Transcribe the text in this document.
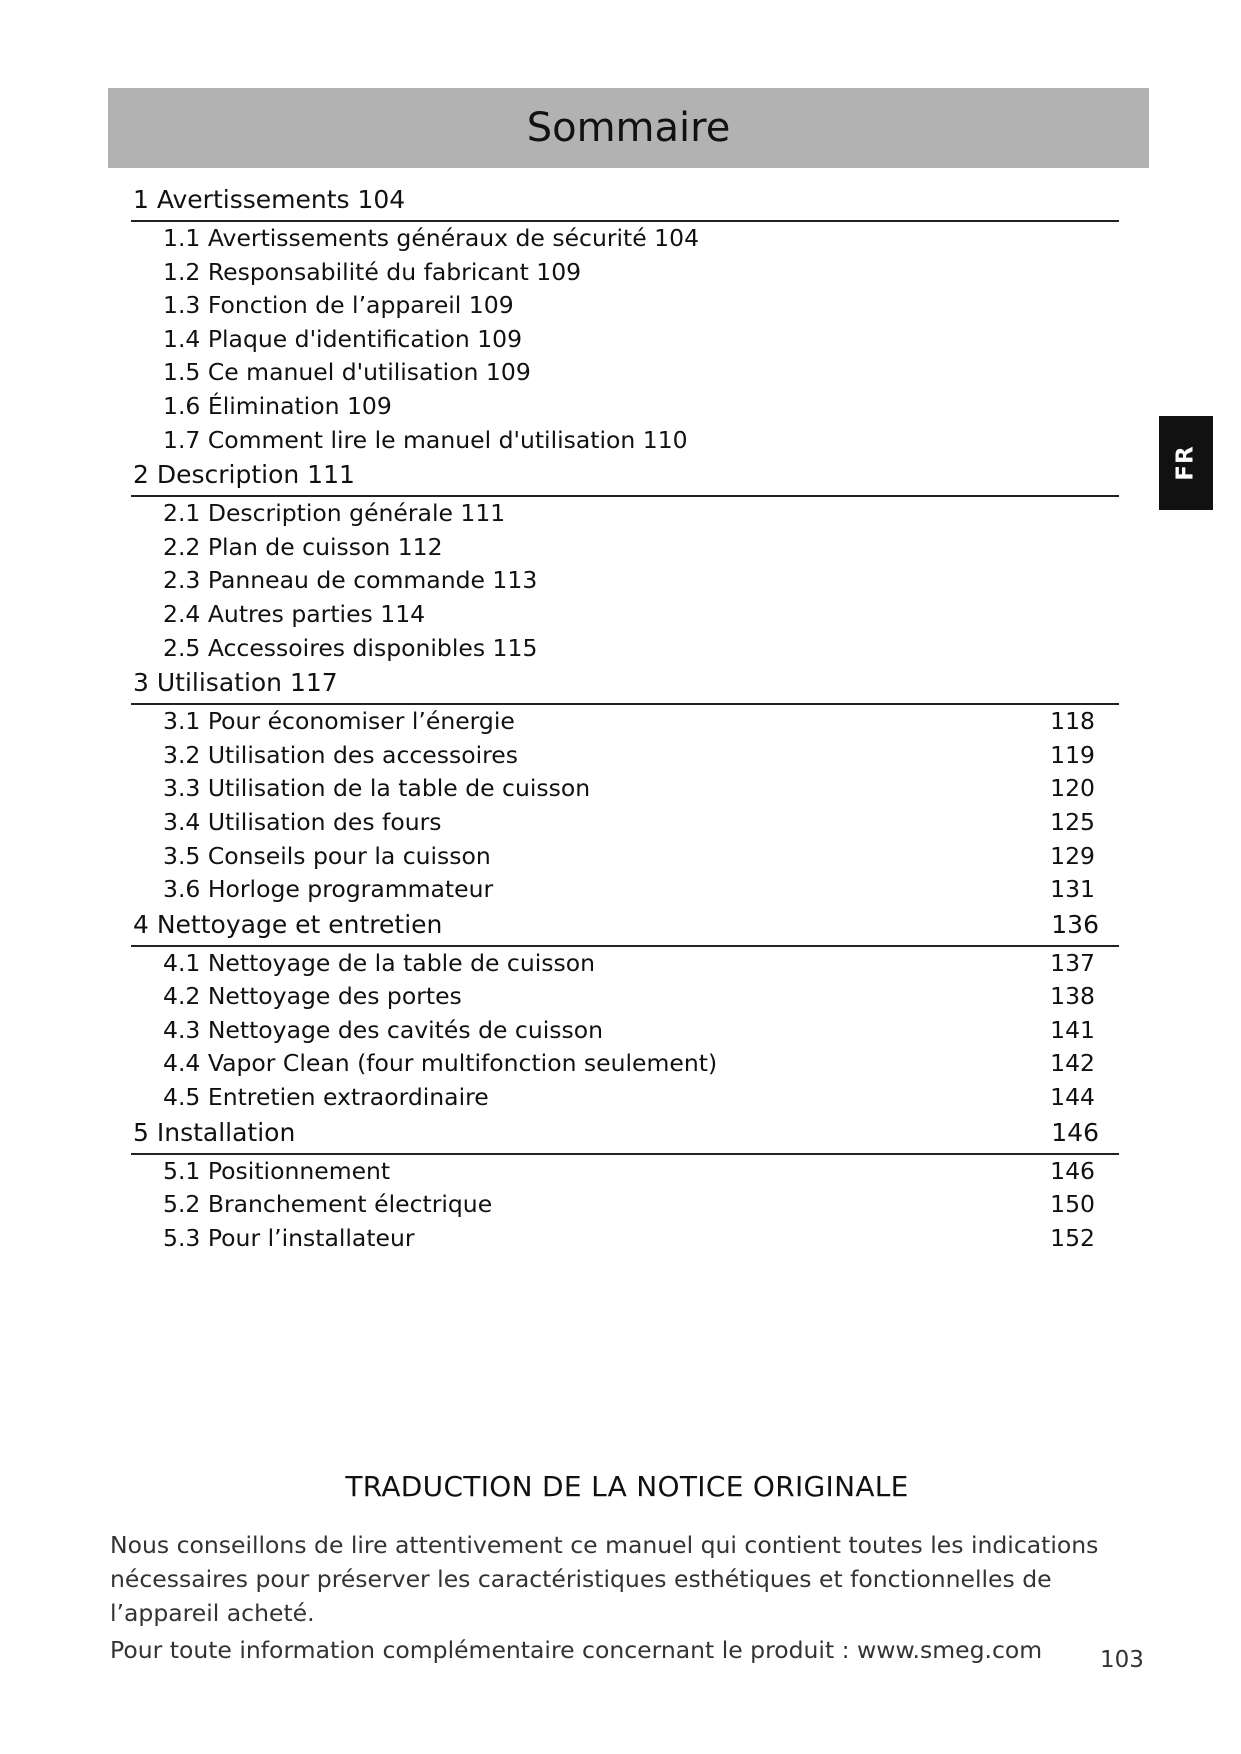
Sommaire
FR
1 Avertissements 104
1.1 Avertissements généraux de sécurité 104
1.2 Responsabilité du fabricant 109
1.3 Fonction de l’appareil 109
1.4 Plaque d'identification 109
1.5 Ce manuel d'utilisation 109
1.6 Élimination 109
1.7 Comment lire le manuel d'utilisation 110
2 Description 111
2.1 Description générale 111
2.2 Plan de cuisson 112
2.3 Panneau de commande 113
2.4 Autres parties 114
2.5 Accessoires disponibles 115
3 Utilisation 117
3.1 Pour économiser l’énergie	118
3.2 Utilisation des accessoires	119
3.3 Utilisation de la table de cuisson	120
3.4 Utilisation des fours	125
3.5 Conseils pour la cuisson	129
3.6 Horloge programmateur	131
4 Nettoyage et entretien	136
4.1 Nettoyage de la table de cuisson	137
4.2 Nettoyage des portes	138
4.3 Nettoyage des cavités de cuisson	141
4.4 Vapor Clean (four multifonction seulement)	142
4.5 Entretien extraordinaire	144
5 Installation	146
5.1 Positionnement	146
5.2 Branchement électrique	150
5.3 Pour l’installateur	152
TRADUCTION DE LA NOTICE ORIGINALE

Nous conseillons de lire attentivement ce manuel qui contient toutes les indications nécessaires pour préserver les caractéristiques esthétiques et fonctionnelles de l’appareil acheté.

Pour toute information complémentaire concernant le produit : www.smeg.com	103
